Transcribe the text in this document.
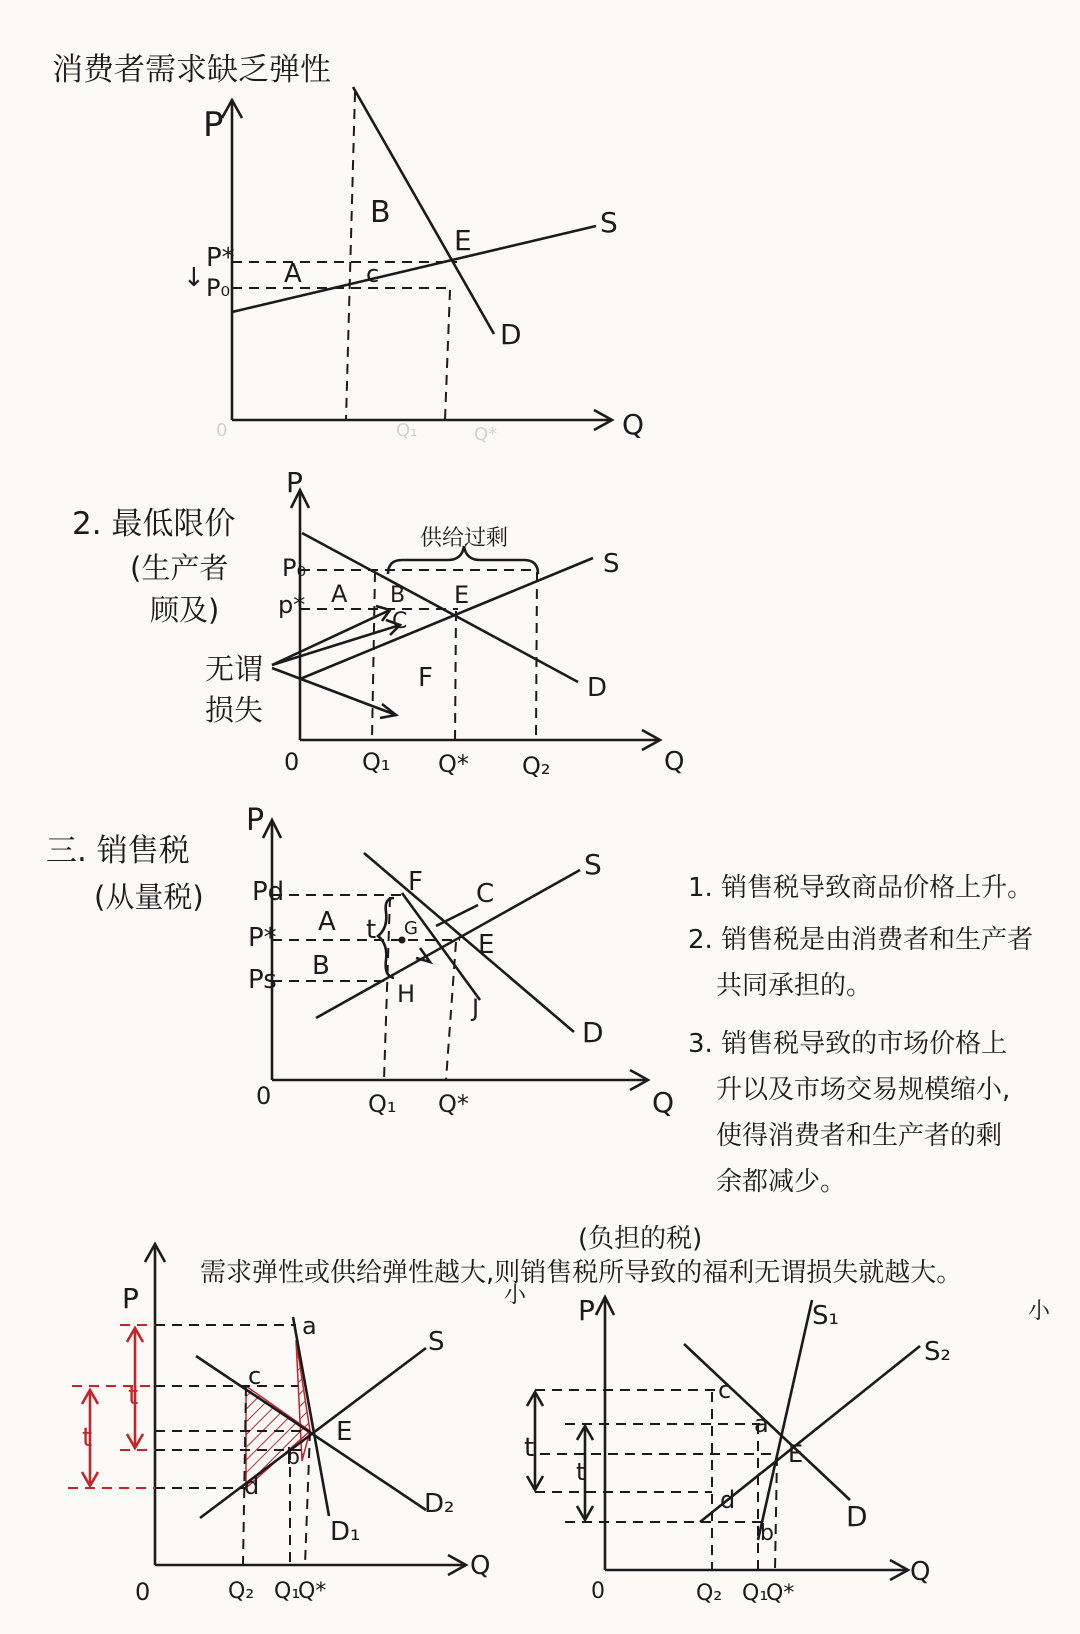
消费者需求缺乏弹性
P
Q
P*
↓ P₀ A
B
c
E
S
D
0	Q₁	Q*
2. 最低限价
(生产者
顾及)
无谓
损失
P
Q
P₀
p* A B
C
E
F
S
D
0	Q₁ Q* Q₂
供给过剩
三. 销售税
(从量税)
P
Q
Pd
P*
Ps
A
B
t G
C
F
E
H J
S
D
0	Q₁ Q*
1. 销售税导致商品价格上升。
2. 销售税是由消费者和生产者
共同承担的。
3. 销售税导致的市场价格上
升以及市场交易规模缩小,
使得消费者和生产者的剩
余都减少。
(负担的税)
需求弹性或供给弹性越大,则销售税所导致的福利无谓损失就越大。
小
小
P
Q
a
c
d
b
E
S
D₁
D₂
t
t
0	Q₂ Q₁
Q*
P
Q
S₁
S₂
c
a
d
b
E
D
t
t
0	Q₂ Q₁
Q*
